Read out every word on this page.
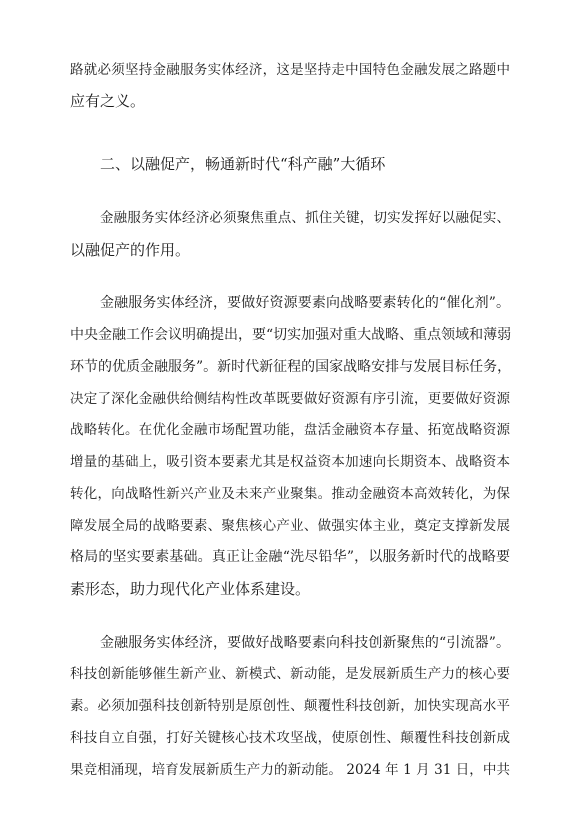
路就必须坚持金融服务实体经济，这是坚持走中国特色金融发展之路题中
应有之义。
二、以融促产，畅通新时代“科产融”大循环
金融服务实体经济必须聚焦重点、抓住关键，切实发挥好以融促实、
以融促产的作用。
金融服务实体经济，要做好资源要素向战略要素转化的“催化剂”。
中央金融工作会议明确提出，要“切实加强对重大战略、重点领域和薄弱
环节的优质金融服务”。新时代新征程的国家战略安排与发展目标任务，
决定了深化金融供给侧结构性改革既要做好资源有序引流，更要做好资源
战略转化。在优化金融市场配置功能，盘活金融资本存量、拓宽战略资源
增量的基础上，吸引资本要素尤其是权益资本加速向长期资本、战略资本
转化，向战略性新兴产业及未来产业聚集。推动金融资本高效转化，为保
障发展全局的战略要素、聚焦核心产业、做强实体主业，奠定支撑新发展
格局的坚实要素基础。真正让金融“洗尽铅华”，以服务新时代的战略要
素形态，助力现代化产业体系建设。
金融服务实体经济，要做好战略要素向科技创新聚焦的“引流器”。
科技创新能够催生新产业、新模式、新动能，是发展新质生产力的核心要
素。必须加强科技创新特别是原创性、颠覆性科技创新，加快实现高水平
科技自立自强，打好关键核心技术攻坚战，使原创性、颠覆性科技创新成
果竞相涌现，培育发展新质生产力的新动能。 2024 年 1 月 31 日，中共
